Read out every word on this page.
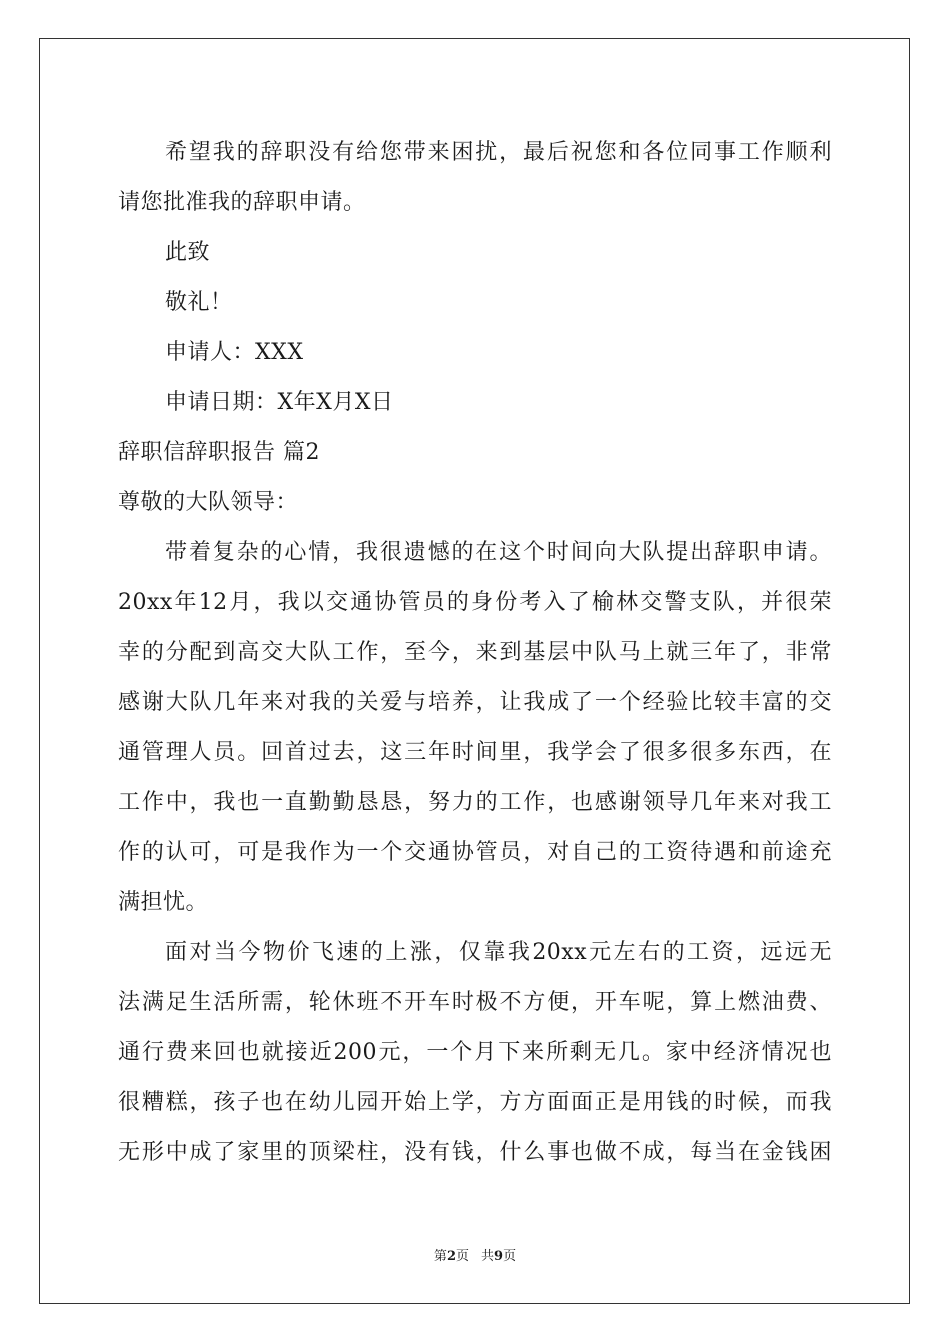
希望我的辞职没有给您带来困扰，最后祝您和各位同事工作顺利
请您批准我的辞职申请。
此致
敬礼！
申请人：XXX
申请日期：X年X月X日
辞职信辞职报告 篇2
尊敬的大队领导：
带着复杂的心情，我很遗憾的在这个时间向大队提出辞职申请。
20xx年12月，我以交通协管员的身份考入了榆林交警支队，并很荣
幸的分配到高交大队工作，至今，来到基层中队马上就三年了，非常
感谢大队几年来对我的关爱与培养，让我成了一个经验比较丰富的交
通管理人员。回首过去，这三年时间里，我学会了很多很多东西，在
工作中，我也一直勤勤恳恳，努力的工作，也感谢领导几年来对我工
作的认可，可是我作为一个交通协管员，对自己的工资待遇和前途充
满担忧。
面对当今物价飞速的上涨，仅靠我20xx元左右的工资，远远无
法满足生活所需，轮休班不开车时极不方便，开车呢，算上燃油费、
通行费来回也就接近200元，一个月下来所剩无几。家中经济情况也
很糟糕，孩子也在幼儿园开始上学，方方面面正是用钱的时候，而我
无形中成了家里的顶梁柱，没有钱，什么事也做不成，每当在金钱困
第2页 共9页
